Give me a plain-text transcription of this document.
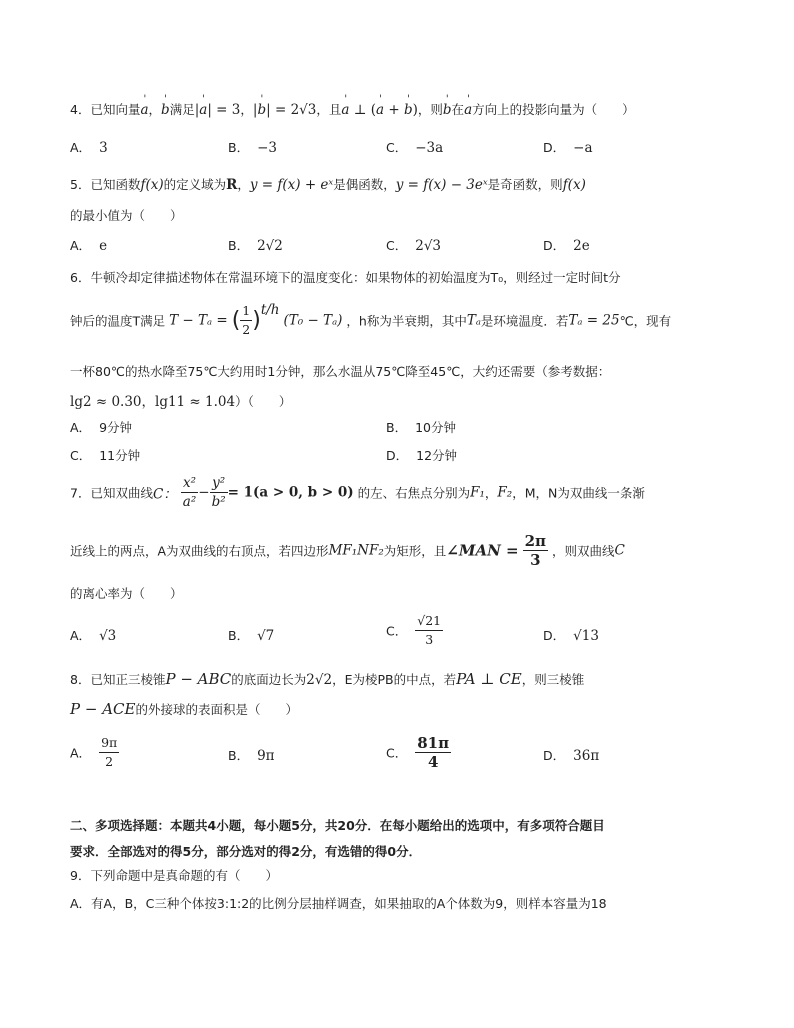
4．已知向量' a，' b满足|' a| = 3，|' b| = 2√3，且' a ⊥ (' a + ' b)，则' b在' a方向上的投影向量为（　　）
A． 3	B． −3	C． −3a	D． −a
5．已知函数f(x)的定义域为R，y = f(x) + eˣ是偶函数，y = f(x) − 3eˣ是奇函数，则f(x)
的最小值为（　　）
A． e	B． 2√2	C． 2√3	D． 2e
6．牛顿冷却定律描述物体在常温环境下的温度变化：如果物体的初始温度为T₀，则经过一定时间t分
钟后的温度T满足 T − Tₐ = ( $\frac{1}{2} )^{t/h}$ (T₀ − Tₐ) ，h称为半衰期，其中Tₐ是环境温度．若Tₐ = 25℃，现有
一杯80℃的热水降至75℃大约用时1分钟，那么水温从75℃降至45℃，大约还需要（参考数据：
lg2 ≈ 0.30，lg11 ≈ 1.04）（　　）
A． 9分钟	B． 10分钟
C． 11分钟	D． 12分钟
7．已知双曲线C： $\frac{\text{x²}}{\text{a²}} - \frac{\text{y²}}{\text{b²}} = 1(a > 0$, b > 0) 的左、右焦点分别为F₁，F₂，M，N为双曲线一条渐
近线上的两点，A为双曲线的右顶点，若四边形MF₁NF₂为矩形，且∠MAN = $\frac{2\pi}{3}$ ，则双曲线C
的离心率为（　　）
A． √3	B． √7	C． $\frac{√21}{3}$	D． √13
8．已知正三棱锥P − ABC的底面边长为2√2，E为棱PB的中点，若PA ⊥ CE，则三棱锥
P − ACE的外接球的表面积是（　　）
A． $\frac{9\pi}{2}$	B． 9π	C． $\frac{81\pi}{4}$	D． 36π
二、多项选择题：本题共4小题，每小题5分，共20分．在每小题给出的选项中，有多项符合题目
要求．全部选对的得5分，部分选对的得2分，有选错的得0分．
9．下列命题中是真命题的有（　　）
A．有A，B，C三种个体按3:1:2的比例分层抽样调查，如果抽取的A个体数为9，则样本容量为18
